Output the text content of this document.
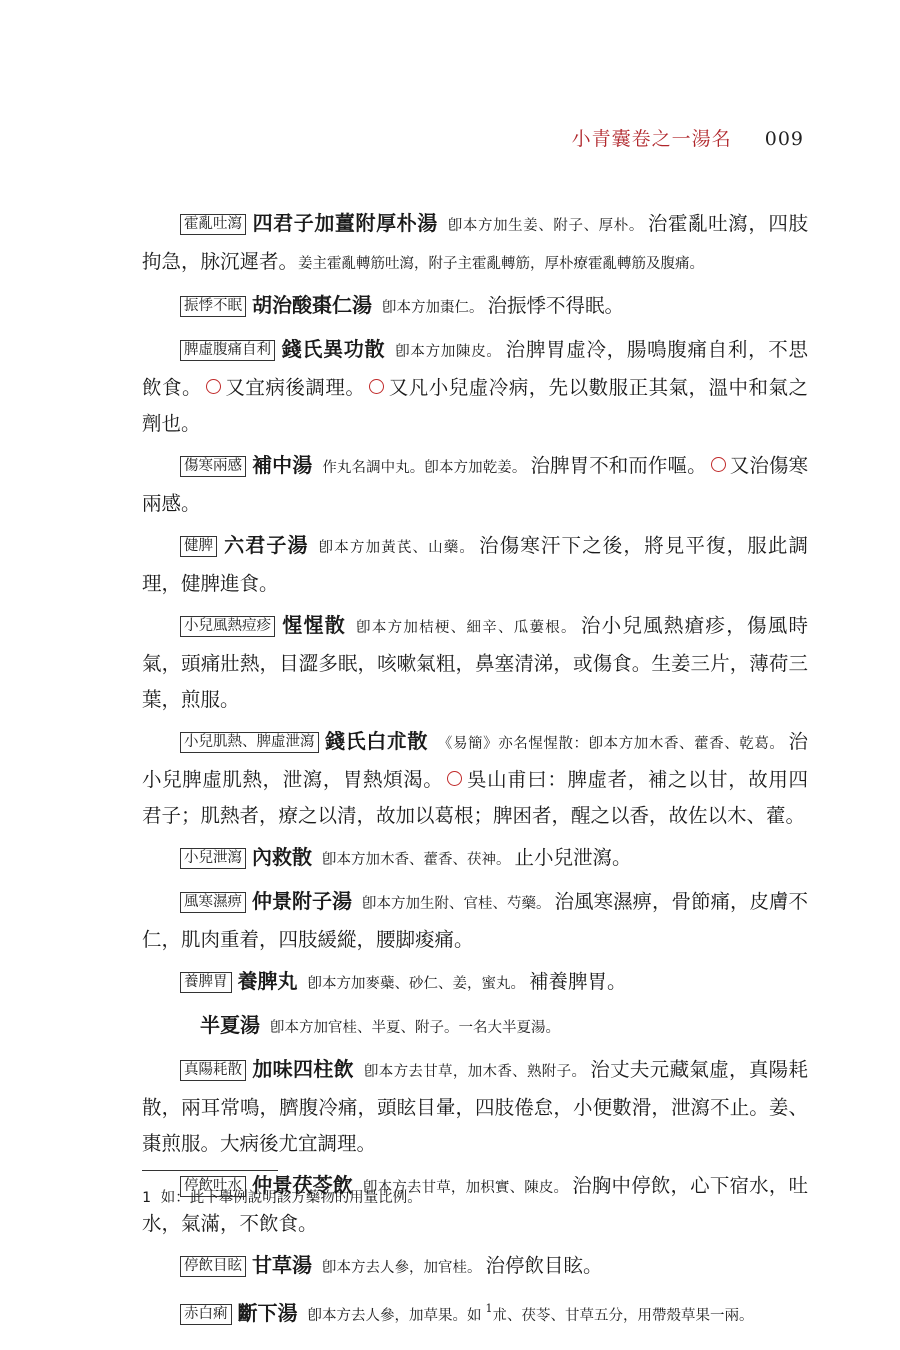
小青囊卷之一湯名 009

霍亂吐瀉 四君子加薑附厚朴湯 卽本方加生姜、附子、厚朴。 治霍亂吐瀉，四肢拘急，脉沉遲者。姜主霍亂轉筋吐瀉，附子主霍亂轉筋，厚朴療霍亂轉筋及腹痛。

振悸不眠 胡治酸棗仁湯 卽本方加棗仁。 治振悸不得眠。

脾虛腹痛自利 錢氏異功散 卽本方加陳皮。 治脾胃虛冷，腸鳴腹痛自利，不思飲食。 ○ 又宜病後調理。 ○ 又凡小兒虛冷病，先以數服正其氣，溫中和氣之劑也。

傷寒兩感 補中湯 作丸名調中丸。卽本方加乾姜。 治脾胃不和而作嘔。 ○ 又治傷寒兩感。

健脾 六君子湯 卽本方加黃芪、山藥。 治傷寒汗下之後，將見平復，服此調理，健脾進食。

小兒風熱痘疹 惺惺散 卽本方加桔梗、細辛、瓜蔞根。 治小兒風熱瘡疹，傷風時氣，頭痛壯熱，目澀多眠，咳嗽氣粗，鼻塞清涕，或傷食。生姜三片，薄荷三葉，煎服。

小兒肌熱、脾虛泄瀉 錢氏白朮散 《易簡》亦名惺惺散：卽本方加木香、藿香、乾葛。 治小兒脾虛肌熱，泄瀉，胃熱煩渴。 ○ 吳山甫曰：脾虛者，補之以甘，故用四君子；肌熱者，療之以清，故加以葛根；脾困者，醒之以香，故佐以木、藿。

小兒泄瀉 內救散 卽本方加木香、藿香、茯神。 止小兒泄瀉。

風寒濕痹 仲景附子湯 卽本方加生附、官桂、芍藥。 治風寒濕痹，骨節痛，皮膚不仁，肌肉重着，四肢緩縱，腰脚痠痛。

養脾胃 養脾丸 卽本方加麥蘗、砂仁、姜，蜜丸。 補養脾胃。

半夏湯 卽本方加官桂、半夏、附子。一名大半夏湯。

真陽耗散 加味四柱飲 卽本方去甘草，加木香、熟附子。 治丈夫元藏氣虛，真陽耗散，兩耳常鳴，臍腹冷痛，頭眩目暈，四肢倦怠，小便數滑，泄瀉不止。姜、棗煎服。大病後尤宜調理。

停飲吐水 仲景茯苓飲 卽本方去甘草，加枳實、陳皮。 治胸中停飲，心下宿水，吐水，氣滿，不飲食。

停飲目眩 甘草湯 卽本方去人參，加官桂。 治停飲目眩。

赤白痢 斷下湯 卽本方去人參，加草果。如 $^1$朮、茯苓、甘草五分，用帶殼草果一兩。

1 如：此下舉例說明該方藥物的用量比例。
